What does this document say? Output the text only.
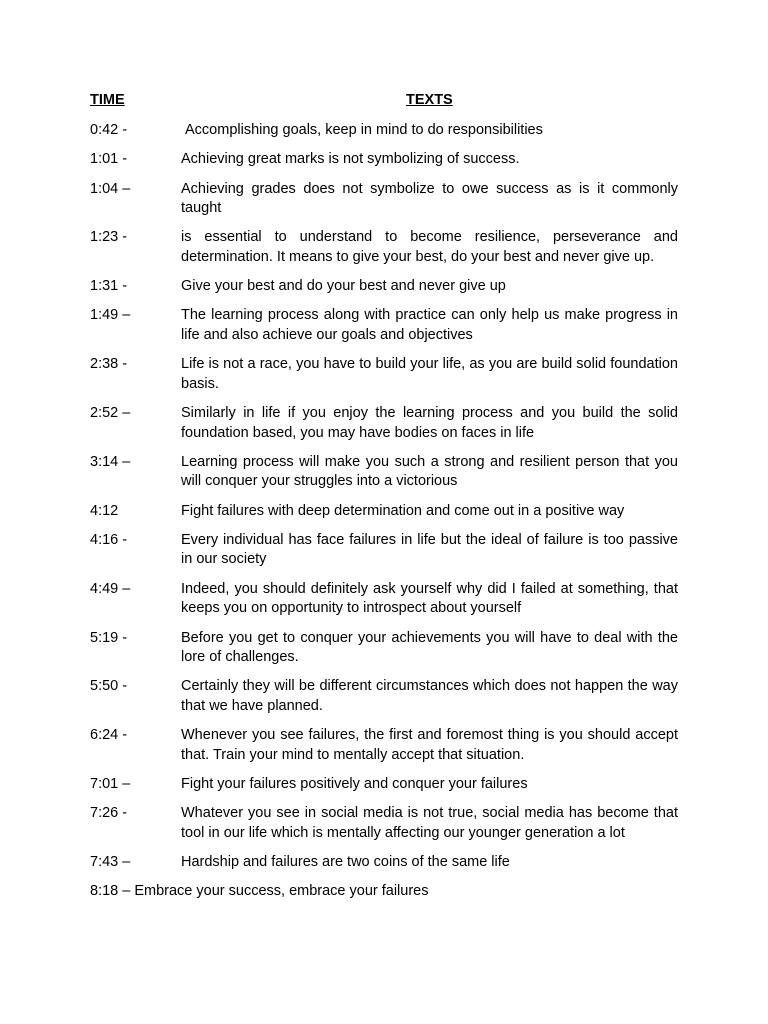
TIME	TEXTS
0:42 -	Accomplishing goals, keep in mind to do responsibilities
1:01 -	Achieving great marks is not symbolizing of success.
1:04 –	Achieving grades does not symbolize to owe success as is it commonly taught
1:23 -	is essential to understand to become resilience, perseverance and determination. It means to give your best, do your best and never give up.
1:31 -	Give your best and do your best and never give up
1:49 –	The learning process along with practice can only help us make progress in life and also achieve our goals and objectives
2:38 -	Life is not a race, you have to build your life, as you are build solid foundation basis.
2:52 –	Similarly in life if you enjoy the learning process and you build the solid foundation based, you may have bodies on faces in life
3:14 –	Learning process will make you such a strong and resilient person that you will conquer your struggles into a victorious
4:12	Fight failures with deep determination and come out in a positive way
4:16 -	Every individual has face failures in life but the ideal of failure is too passive in our society
4:49 –	Indeed, you should definitely ask yourself why did I failed at something, that keeps you on opportunity to introspect about yourself
5:19 -	Before you get to conquer your achievements you will have to deal with the lore of challenges.
5:50 -	Certainly they will be different circumstances which does not happen the way that we have planned.
6:24 -	Whenever you see failures, the first and foremost thing is you should accept that. Train your mind to mentally accept that situation.
7:01 –	Fight your failures positively and conquer your failures
7:26 -	Whatever you see in social media is not true, social media has become that tool in our life which is mentally affecting our younger generation a lot
7:43 –	Hardship and failures are two coins of the same life
8:18 – Embrace your success, embrace your failures
